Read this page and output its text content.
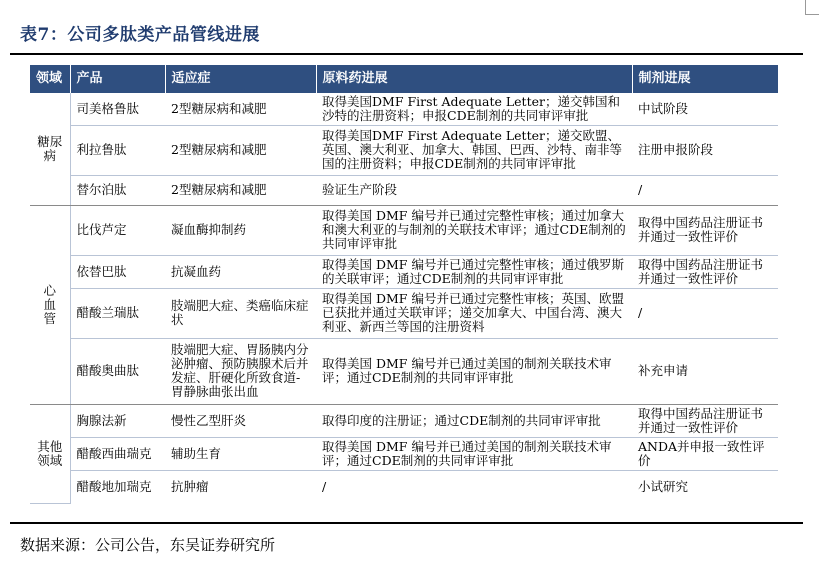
表7：公司多肽类产品管线进展
领域	产品	适应症	原料药进展	制剂进展
糖尿病	司美格鲁肽	2型糖尿病和减肥	取得美国DMF First Adequate Letter；递交韩国和沙特的注册资料；申报CDE制剂的共同审评审批	中试阶段
	利拉鲁肽	2型糖尿病和减肥	取得美国DMF First Adequate Letter；递交欧盟、英国、澳大利亚、加拿大、韩国、巴西、沙特、南非等国的注册资料；申报CDE制剂的共同审评审批	注册申报阶段
	替尔泊肽	2型糖尿病和减肥	验证生产阶段	/
心血管	比伐芦定	凝血酶抑制药	取得美国 DMF 编号并已通过完整性审核；通过加拿大和澳大利亚的与制剂的关联技术审评；通过CDE制剂的共同审评审批	取得中国药品注册证书并通过一致性评价
	依替巴肽	抗凝血药	取得美国 DMF 编号并已通过完整性审核；通过俄罗斯的关联审评；通过CDE制剂的共同审评审批	取得中国药品注册证书并通过一致性评价
	醋酸兰瑞肽	肢端肥大症、类癌临床症状	取得美国 DMF 编号并已通过完整性审核；英国、欧盟已获批并通过关联审评；递交加拿大、中国台湾、澳大利亚、新西兰等国的注册资料	/
	醋酸奥曲肽	肢端肥大症、胃肠胰内分泌肿瘤、预防胰腺术后并发症、肝硬化所致食道-胃静脉曲张出血	取得美国 DMF 编号并已通过美国的制剂关联技术审评；通过CDE制剂的共同审评审批	补充申请
其他领域	胸腺法新	慢性乙型肝炎	取得印度的注册证；通过CDE制剂的共同审评审批	取得中国药品注册证书并通过一致性评价
	醋酸西曲瑞克	辅助生育	取得美国 DMF 编号并已通过美国的制剂关联技术审评；通过CDE制剂的共同审评审批	ANDA并申报一致性评价
	醋酸地加瑞克	抗肿瘤	/	小试研究
数据来源：公司公告，东吴证券研究所
